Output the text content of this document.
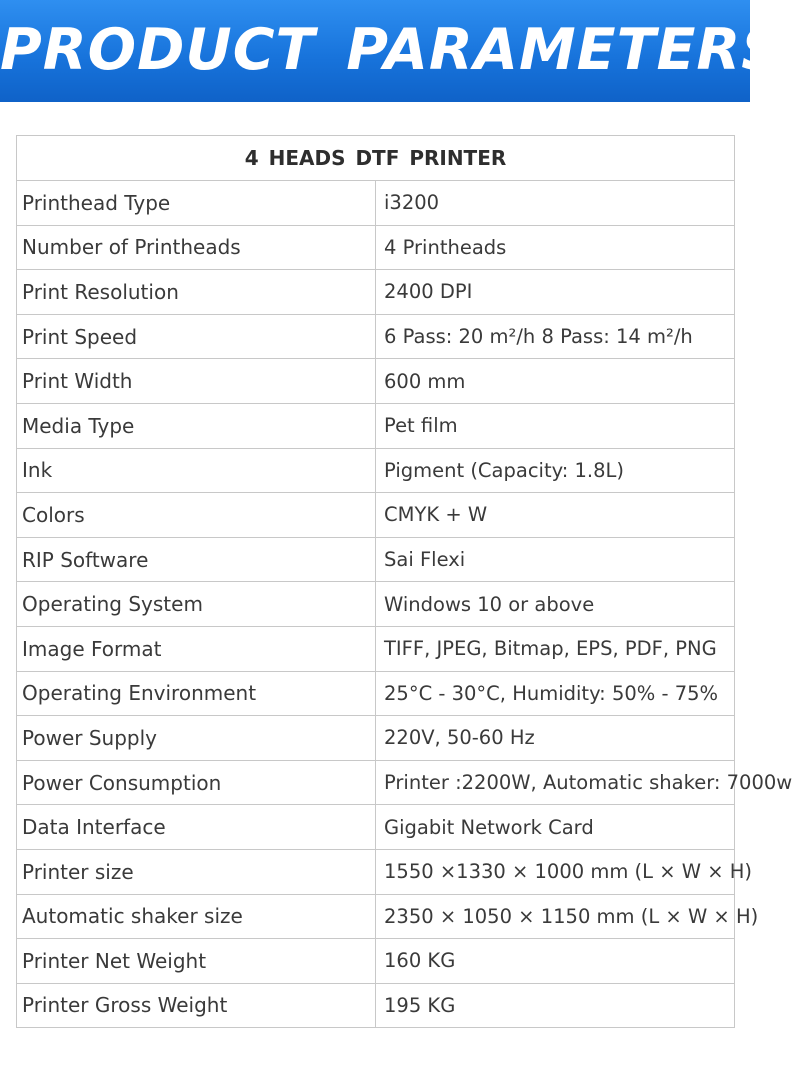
PRODUCT PARAMETERS
4 HEADS DTF PRINTER	
Printhead Type	i3200
Number of Printheads	4 Printheads
Print Resolution	2400 DPI
Print Speed	6 Pass: 20 m²/h 8 Pass: 14 m²/h
Print Width	600 mm
Media Type	Pet film
Ink	Pigment (Capacity: 1.8L)
Colors	CMYK + W
RIP Software	Sai Flexi
Operating System	Windows 10 or above
Image Format	TIFF, JPEG, Bitmap, EPS, PDF, PNG
Operating Environment	25°C - 30°C, Humidity: 50% - 75%
Power Supply	220V, 50-60 Hz
Power Consumption	Printer :2200W, Automatic shaker: 7000w
Data Interface	Gigabit Network Card
Printer size	1550 ×1330 × 1000 mm (L × W × H)
Automatic shaker size	2350 × 1050 × 1150 mm (L × W × H)
Printer Net Weight	160 KG
Printer Gross Weight	195 KG
